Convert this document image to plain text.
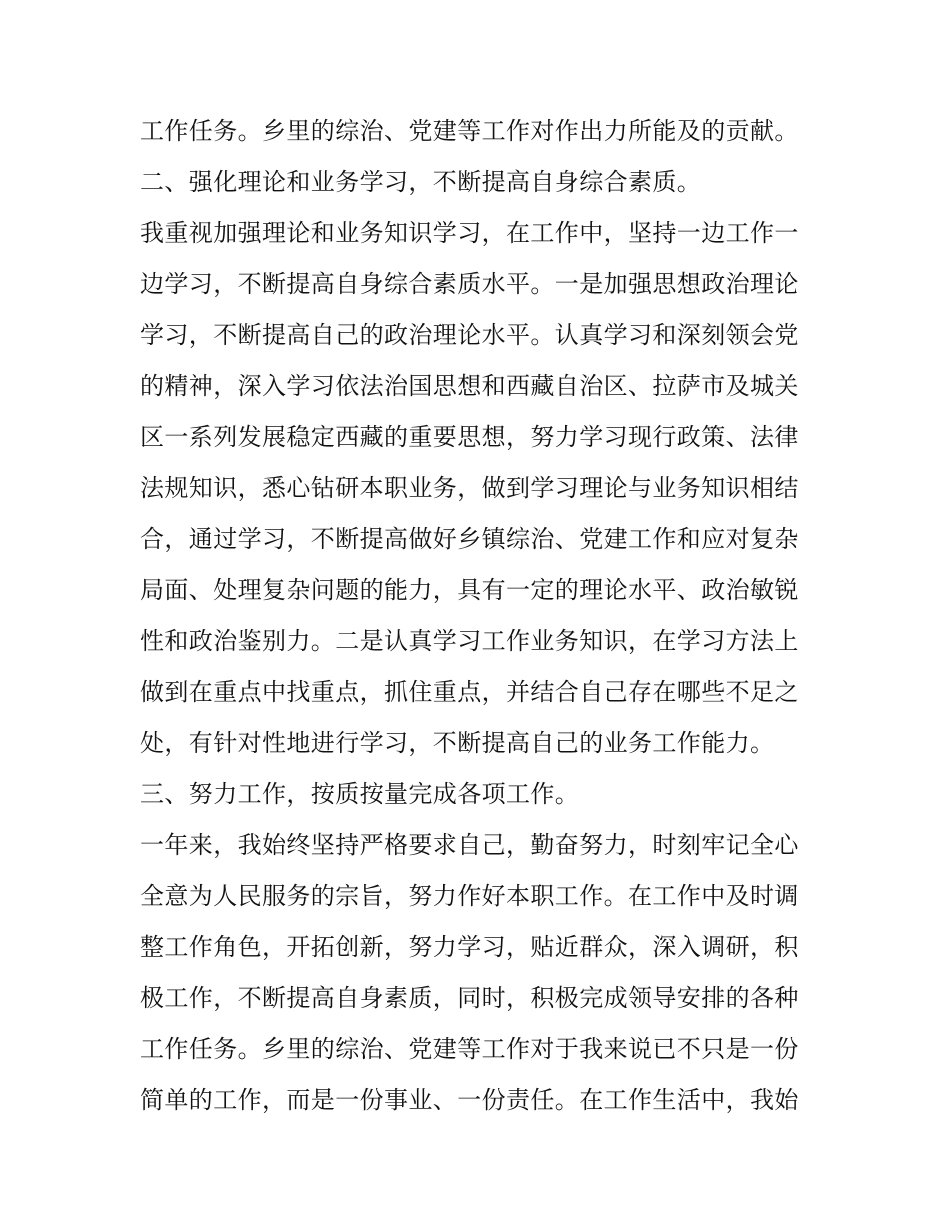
工作任务。乡里的综治、党建等工作对作出力所能及的贡献。
二、强化理论和业务学习，不断提高自身综合素质。
我重视加强理论和业务知识学习，在工作中，坚持一边工作一
边学习，不断提高自身综合素质水平。一是加强思想政治理论
学习，不断提高自己的政治理论水平。认真学习和深刻领会党
的精神，深入学习依法治国思想和西藏自治区、拉萨市及城关
区一系列发展稳定西藏的重要思想，努力学习现行政策、法律
法规知识，悉心钻研本职业务，做到学习理论与业务知识相结
合，通过学习，不断提高做好乡镇综治、党建工作和应对复杂
局面、处理复杂问题的能力，具有一定的理论水平、政治敏锐
性和政治鉴别力。二是认真学习工作业务知识，在学习方法上
做到在重点中找重点，抓住重点，并结合自己存在哪些不足之
处，有针对性地进行学习，不断提高自己的业务工作能力。
三、努力工作，按质按量完成各项工作。
一年来，我始终坚持严格要求自己，勤奋努力，时刻牢记全心
全意为人民服务的宗旨，努力作好本职工作。在工作中及时调
整工作角色，开拓创新，努力学习，贴近群众，深入调研，积
极工作，不断提高自身素质，同时，积极完成领导安排的各种
工作任务。乡里的综治、党建等工作对于我来说已不只是一份
简单的工作，而是一份事业、一份责任。在工作生活中，我始
